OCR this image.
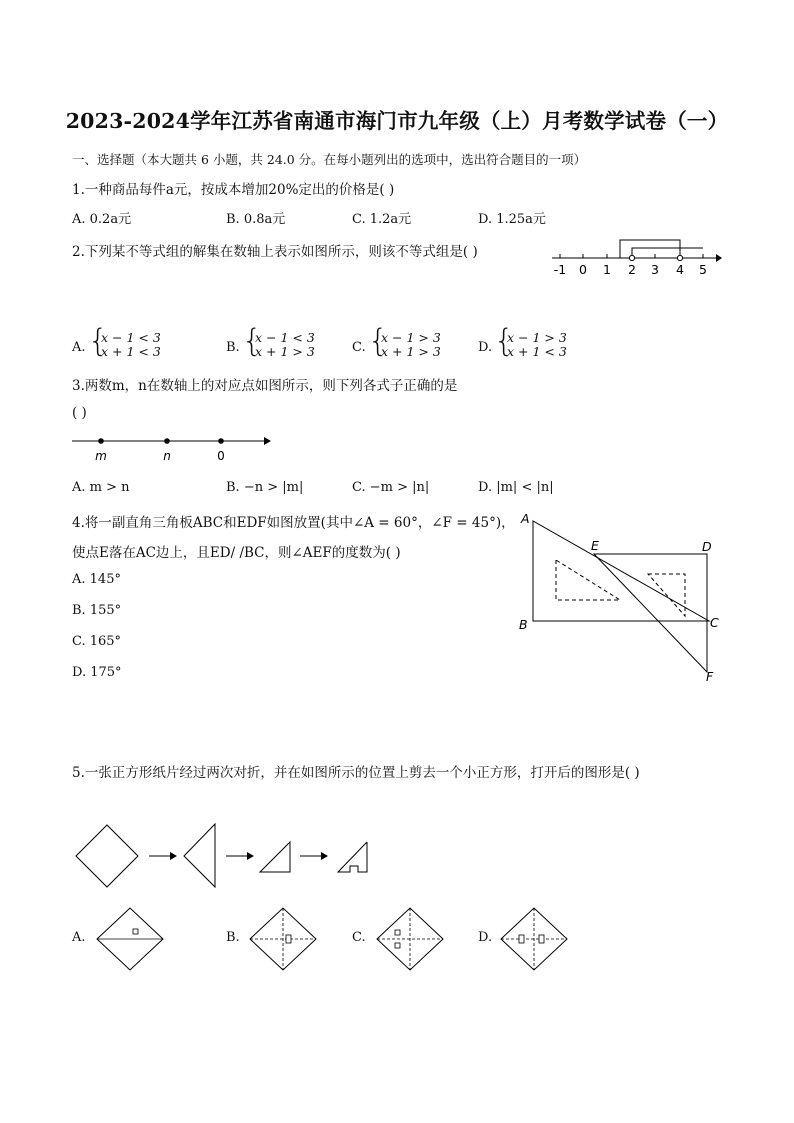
2023-2024学年江苏省南通市海门市九年级（上）月考数学试卷（一）
一、选择题（本大题共 6 小题，共 24.0 分。在每小题列出的选项中，选出符合题目的一项）
1.一种商品每件a元，按成本增加20%定出的价格是( )
A. 0.2a元	B. 0.8a元	C. 1.2a元	D. 1.25a元
2.下列某不等式组的解集在数轴上表示如图所示，则该不等式组是( )
-1 0 1 2 3 4 5
A. {
x − 1 < 3
x + 1 < 3	B. {
x − 1 < 3
x + 1 > 3	C. {
x − 1 > 3
x + 1 > 3	D. {
x − 1 > 3
x + 1 < 3
3.两数m，n在数轴上的对应点如图所示，则下列各式子正确的是
( )
m	n	0
A. m > n	B. −n > |m|	C. −m > |n|	D. |m| < |n|
4.将一副直角三角板ABC和EDF如图放置(其中∠A = 60°，∠F = 45°)，
使点E落在AC边上，且ED/ /BC，则∠AEF的度数为( )
A. 145°
B. 155°
C. 165°
D. 175°
A
B	C
D
E
F
5.一张正方形纸片经过两次对折，并在如图所示的位置上剪去一个小正方形，打开后的图形是( )
A.	B.	C.	D.
